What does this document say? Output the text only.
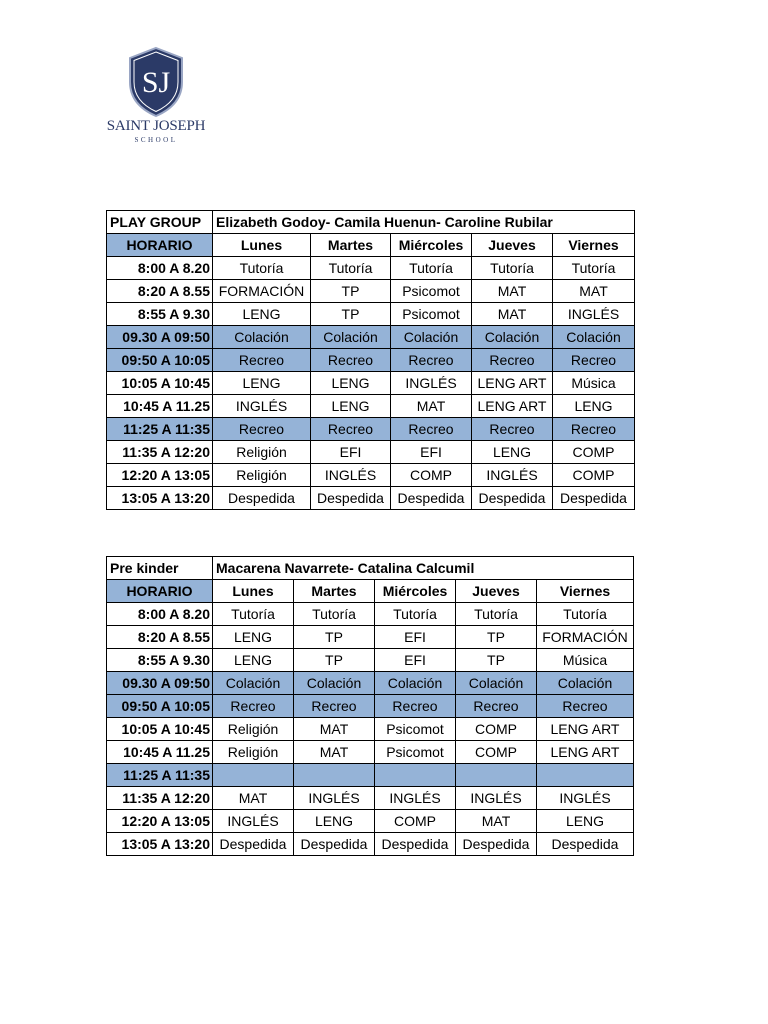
SJ
SAINT JOSEPH
SCHOOL
PLAY GROUP	Elizabeth Godoy- Camila Huenun- Caroline Rubilar				
HORARIO	Lunes	Martes	Miércoles	Jueves	Viernes
8:00 A 8.20	Tutoría	Tutoría	Tutoría	Tutoría	Tutoría
8:20 A 8.55	FORMACIÓN	TP	Psicomot	MAT	MAT
8:55 A 9.30	LENG	TP	Psicomot	MAT	INGLÉS
09.30 A 09:50	Colación	Colación	Colación	Colación	Colación
09:50 A 10:05	Recreo	Recreo	Recreo	Recreo	Recreo
10:05 A 10:45	LENG	LENG	INGLÉS	LENG ART	Música
10:45 A 11.25	INGLÉS	LENG	MAT	LENG ART	LENG
11:25 A 11:35	Recreo	Recreo	Recreo	Recreo	Recreo
11:35 A 12:20	Religión	EFI	EFI	LENG	COMP
12:20 A 13:05	Religión	INGLÉS	COMP	INGLÉS	COMP
13:05 A 13:20	Despedida	Despedida	Despedida	Despedida	Despedida
Pre kinder	Macarena Navarrete- Catalina Calcumil				
HORARIO	Lunes	Martes	Miércoles	Jueves	Viernes
8:00 A 8.20	Tutoría	Tutoría	Tutoría	Tutoría	Tutoría
8:20 A 8.55	LENG	TP	EFI	TP	FORMACIÓN
8:55 A 9.30	LENG	TP	EFI	TP	Música
09.30 A 09:50	Colación	Colación	Colación	Colación	Colación
09:50 A 10:05	Recreo	Recreo	Recreo	Recreo	Recreo
10:05 A 10:45	Religión	MAT	Psicomot	COMP	LENG ART
10:45 A 11.25	Religión	MAT	Psicomot	COMP	LENG ART
11:25 A 11:35					
11:35 A 12:20	MAT	INGLÉS	INGLÉS	INGLÉS	INGLÉS
12:20 A 13:05	INGLÉS	LENG	COMP	MAT	LENG
13:05 A 13:20	Despedida	Despedida	Despedida	Despedida	Despedida
